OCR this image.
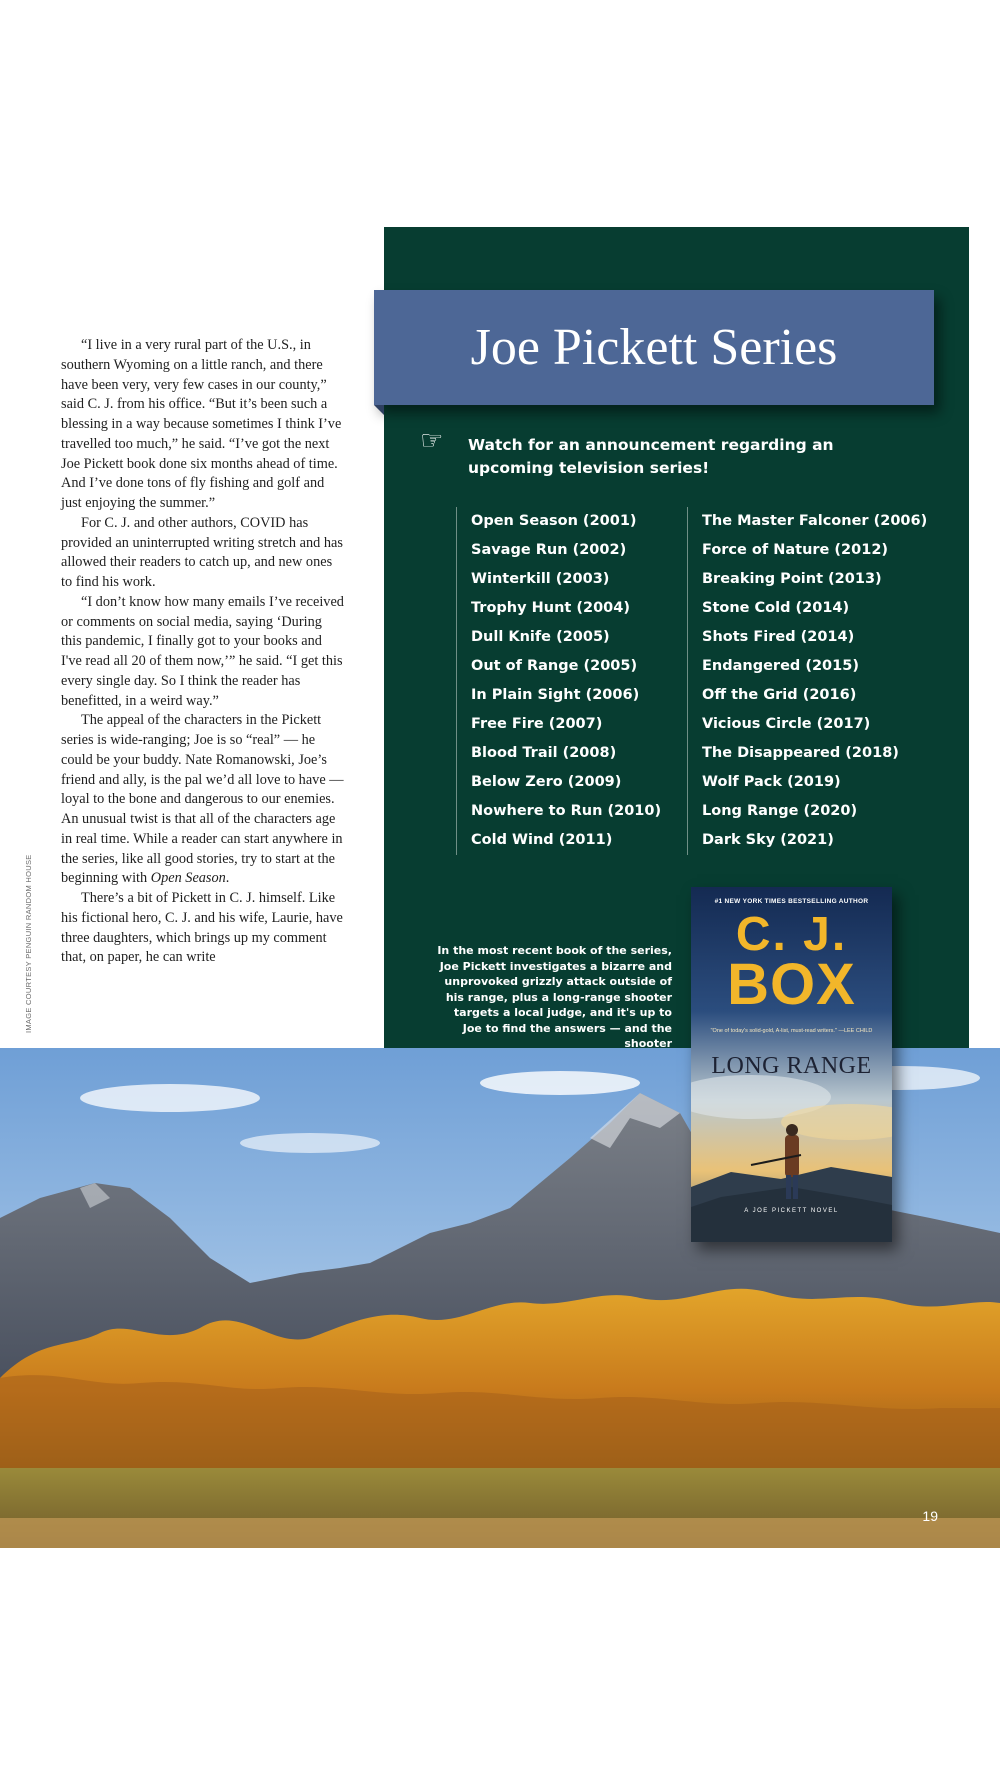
19
Joe Pickett Series
☞ Watch for an announcement regarding an upcoming television series!
Open Season (2001)
Savage Run (2002)
Winterkill (2003)
Trophy Hunt (2004)
Dull Knife (2005)
Out of Range (2005)
In Plain Sight (2006)
Free Fire (2007)
Blood Trail (2008)
Below Zero (2009)
Nowhere to Run (2010)
Cold Wind (2011)
The Master Falconer (2006)
Force of Nature (2012)
Breaking Point (2013)
Stone Cold (2014)
Shots Fired (2014)
Endangered (2015)
Off the Grid (2016)
Vicious Circle (2017)
The Disappeared (2018)
Wolf Pack (2019)
Long Range (2020)
Dark Sky (2021)
In the most recent book of the series, Joe Pickett investigates a bizarre and unprovoked grizzly attack outside of his range, plus a long-range shooter targets a local judge, and it's up to Joe to find the answers — and the shooter
#1 NEW YORK TIMES BESTSELLING AUTHOR
C. J.
BOX
"One of today's solid-gold, A-list, must-read writers." —LEE CHILD
LONG RANGE
A JOE PICKETT NOVEL

“I live in a very rural part of the U.S., in southern Wyoming on a little ranch, and there have been very, very few cases in our county,” said C. J. from his office. “But it’s been such a blessing in a way because sometimes I think I’ve travelled too much,” he said. “I’ve got the next Joe Pickett book done six months ahead of time. And I’ve done tons of fly fishing and golf and just enjoying the summer.”

For C. J. and other authors, COVID has provided an uninterrupted writing stretch and has allowed their readers to catch up, and new ones to find his work.

“I don’t know how many emails I’ve received or comments on social media, saying ‘During this pandemic, I finally got to your books and I've read all 20 of them now,’” he said. “I get this every single day. So I think the reader has benefitted, in a weird way.”

The appeal of the characters in the Pickett series is wide-ranging; Joe is so “real” — he could be your buddy. Nate Romanowski, Joe’s friend and ally, is the pal we’d all love to have — loyal to the bone and dangerous to our enemies. An unusual twist is that all of the characters age in real time. While a reader can start anywhere in the series, like all good stories, try to start at the beginning with Open Season.

There’s a bit of Pickett in C. J. himself. Like his fictional hero, C. J. and his wife, Laurie, have three daughters, which brings up my comment that, on paper, he can write

IMAGE COURTESY PENGUIN RANDOM HOUSE
